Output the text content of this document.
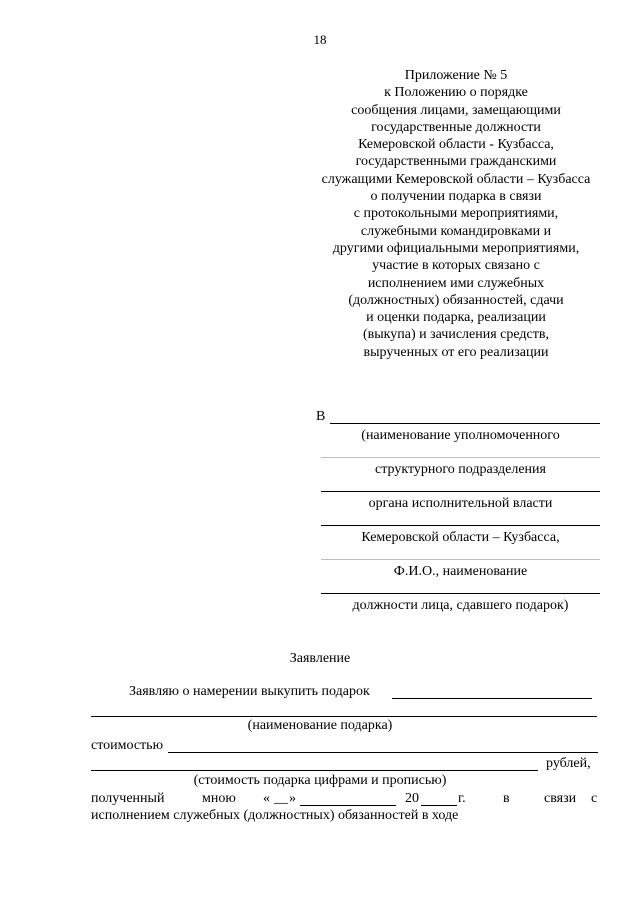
18
Приложение № 5
к Положению о порядке
сообщения лицами, замещающими
государственные должности
Кемеровской области - Кузбасса,
государственными гражданскими
служащими Кемеровской области – Кузбасса
о получении подарка в связи
с протокольными мероприятиями,
служебными командировками и
другими официальными мероприятиями,
участие в которых связано с
исполнением ими служебных
(должностных) обязанностей, сдачи
и оценки подарка, реализации
(выкупа) и зачисления средств,
вырученных от его реализации
В
(наименование уполномоченного
структурного подразделения
органа исполнительной власти
Кемеровской области – Кузбасса,
Ф.И.О., наименование
должности лица, сдавшего подарок)
Заявление
Заявляю о намерении выкупить подарок
(наименование подарка)
стоимостью
рублей,
(стоимость подарка цифрами и прописью)
полученный	мною « __ »	20	г.	в связи с
исполнением служебных (должностных) обязанностей в ходе
